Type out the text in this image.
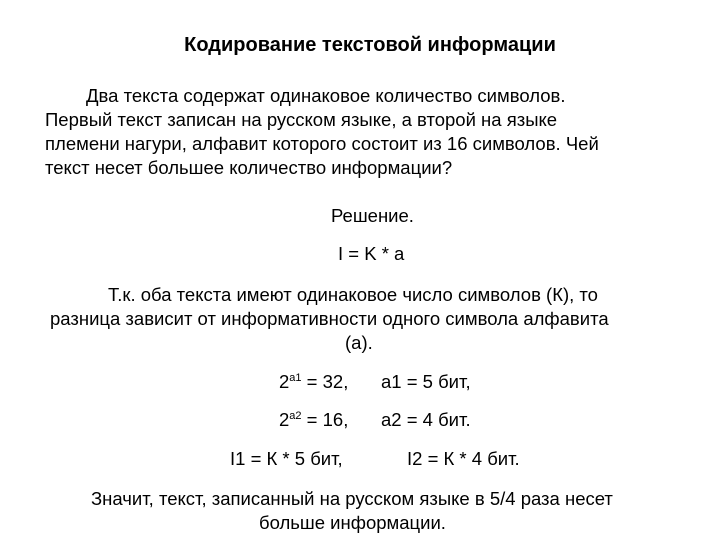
Кодирование текстовой информации
Два текста содержат одинаковое количество символов.
Первый текст записан на русском языке, а второй на языке
племени нагури, алфавит которого состоит из 16 символов. Чей
текст несет большее количество информации?
Решение.
I = K * a
Т.к. оба текста имеют одинаковое число символов (К), то
разница зависит от информативности одного символа алфавита
(а).
$2^{а1} = 32$, а1 = 5 бит,
$2^{а2} = 16$, а2 = 4 бит.
I1 = К * 5 бит,	I2 = К * 4 бит.
Значит, текст, записанный на русском языке в 5/4 раза несет
больше информации.
